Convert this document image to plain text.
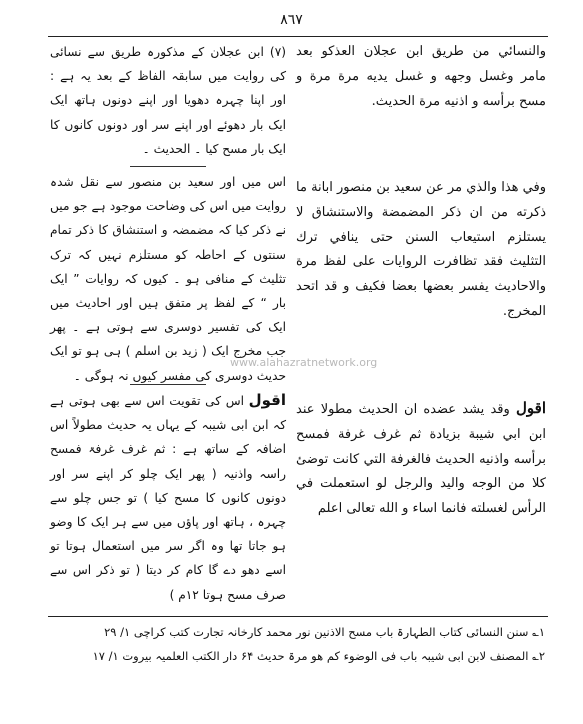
٨٦٧

والنسائي من طريق ابن عجلان العذكو بعد مامر وغسل وجهه و غسل يديه مرة مرة و مسح برأسه و اذنيه مرة الحديث.

وفي هذا والذي مر عن سعيد بن منصور ابانة ما ذكرته من ان ذكر المضمضة والاستنشاق لا يستلزم استيعاب السنن حتى ينافي ترك التثليث فقد تظافرت الروايات على لفظ مرة والاحاديث يفسر بعضها بعضا فكيف و قد اتحد المخرج.

اقول وقد يشد عضده ان الحديث مطولا عند ابن ابي شيبة بزيادة ثم غرف غرفة فمسح برأسه واذنيه الحديث فالغرفة التي كانت توضئ كلا من الوجه واليد والرجل لو استعملت في الرأس لغسلته فانما اساء و الله تعالى اعلم

(۷) ابن عجلان کے مذکورہ طریق سے نسائی کی روایت میں سابقہ الفاظ کے بعد یہ ہے : اور اپنا چہرہ دھویا اور اپنے دونوں ہاتھ ایک ایک بار دھوئے اور اپنے سر اور دونوں کانوں کا ایک بار مسح کیا ۔ الحدیث ۔

اس میں اور سعید بن منصور سے نقل شدہ روایت میں اس کی وضاحت موجود ہے جو میں نے ذکر کیا کہ مضمضہ و استنشاق کا ذکر تمام سنتوں کے احاطہ کو مستلزم نہیں کہ ترک تثلیث کے منافی ہو ۔ کیوں کہ روایات ” ایک بار “ کے لفظ پر متفق ہیں اور احادیث میں ایک کی تفسیر دوسری سے ہوتی ہے ۔ پھر جب مخرج ایک ( زید بن اسلم ) ہی ہو تو ایک حدیث دوسری کی مفسر کیوں نہ ہوگی ۔

اقول اس کی تقویت اس سے بھی ہوتی ہے کہ ابن ابی شیبہ کے یہاں یہ حدیث مطولاً اس اضافہ کے ساتھ ہے : ثم غرف غرفۃ فمسح راسہ واذنیہ ( پھر ایک چلو کر اپنے سر اور دونوں کانوں کا مسح کیا ) تو جس چلو سے چہرہ ، ہاتھ اور پاؤں میں سے ہر ایک کا وضو ہو جاتا تھا وہ اگر سر میں استعمال ہوتا تو اسے دھو دے گا کام کر دیتا ( تو ذکر اس سے صرف مسح ہوتا ۱۲م )

www.alahazratnetwork.org
۱؎ سنن النسائی کتاب الطہارۃ باب مسح الاذنین نور محمد کارخانہ تجارت کتب کراچی ۱/ ۲۹
۲؎ المصنف لابن ابی شیبہ باب فی الوضوء کم ھو مرۃ حدیث ۶۴ دار الکتب العلمیہ بیروت ۱/ ۱۷
